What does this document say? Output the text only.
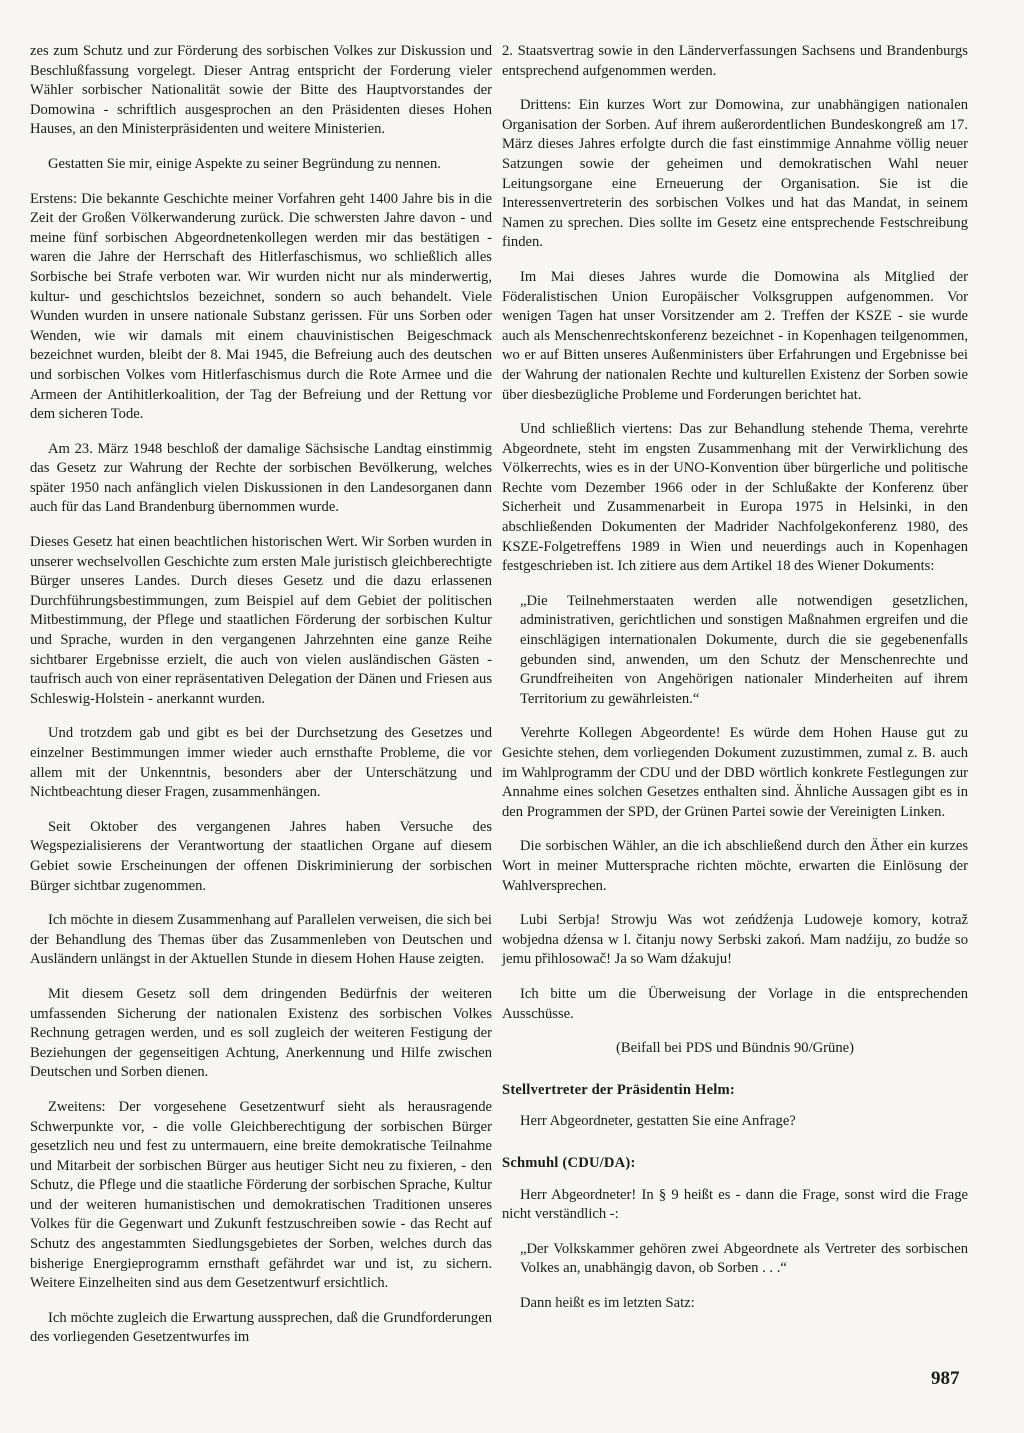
zes zum Schutz und zur Förderung des sorbischen Volkes zur Diskussion und Beschlußfassung vorgelegt. Dieser Antrag entspricht der Forderung vieler Wähler sorbischer Nationalität sowie der Bitte des Hauptvorstandes der Domowina - schriftlich ausgesprochen an den Präsidenten dieses Hohen Hauses, an den Ministerpräsidenten und weitere Ministerien.

Gestatten Sie mir, einige Aspekte zu seiner Begründung zu nennen.

Erstens: Die bekannte Geschichte meiner Vorfahren geht 1400 Jahre bis in die Zeit der Großen Völkerwanderung zurück. Die schwersten Jahre davon - und meine fünf sorbischen Abgeordnetenkollegen werden mir das bestätigen - waren die Jahre der Herrschaft des Hitlerfaschismus, wo schließlich alles Sorbische bei Strafe verboten war. Wir wurden nicht nur als minderwertig, kultur- und geschichtslos bezeichnet, sondern so auch behandelt. Viele Wunden wurden in unsere nationale Substanz gerissen. Für uns Sorben oder Wenden, wie wir damals mit einem chauvinistischen Beigeschmack bezeichnet wurden, bleibt der 8. Mai 1945, die Befreiung auch des deutschen und sorbischen Volkes vom Hitlerfaschismus durch die Rote Armee und die Armeen der Antihitlerkoalition, der Tag der Befreiung und der Rettung vor dem sicheren Tode.

Am 23. März 1948 beschloß der damalige Sächsische Landtag einstimmig das Gesetz zur Wahrung der Rechte der sorbischen Bevölkerung, welches später 1950 nach anfänglich vielen Diskussionen in den Landesorganen dann auch für das Land Brandenburg übernommen wurde.

Dieses Gesetz hat einen beachtlichen historischen Wert. Wir Sorben wurden in unserer wechselvollen Geschichte zum ersten Male juristisch gleichberechtigte Bürger unseres Landes. Durch dieses Gesetz und die dazu erlassenen Durchführungsbestimmungen, zum Beispiel auf dem Gebiet der politischen Mitbestimmung, der Pflege und staatlichen Förderung der sorbischen Kultur und Sprache, wurden in den vergangenen Jahrzehnten eine ganze Reihe sichtbarer Ergebnisse erzielt, die auch von vielen ausländischen Gästen - taufrisch auch von einer repräsentativen Delegation der Dänen und Friesen aus Schleswig-Holstein - anerkannt wurden.

Und trotzdem gab und gibt es bei der Durchsetzung des Gesetzes und einzelner Bestimmungen immer wieder auch ernsthafte Probleme, die vor allem mit der Unkenntnis, besonders aber der Unterschätzung und Nichtbeachtung dieser Fragen, zusammenhängen.

Seit Oktober des vergangenen Jahres haben Versuche des Wegspezialisierens der Verantwortung der staatlichen Organe auf diesem Gebiet sowie Erscheinungen der offenen Diskriminierung der sorbischen Bürger sichtbar zugenommen.

Ich möchte in diesem Zusammenhang auf Parallelen verweisen, die sich bei der Behandlung des Themas über das Zusammenleben von Deutschen und Ausländern unlängst in der Aktuellen Stunde in diesem Hohen Hause zeigten.

Mit diesem Gesetz soll dem dringenden Bedürfnis der weiteren umfassenden Sicherung der nationalen Existenz des sorbischen Volkes Rechnung getragen werden, und es soll zugleich der weiteren Festigung der Beziehungen der gegenseitigen Achtung, Anerkennung und Hilfe zwischen Deutschen und Sorben dienen.

Zweitens: Der vorgesehene Gesetzentwurf sieht als herausragende Schwerpunkte vor, - die volle Gleichberechtigung der sorbischen Bürger gesetzlich neu und fest zu untermauern, eine breite demokratische Teilnahme und Mitarbeit der sorbischen Bürger aus heutiger Sicht neu zu fixieren, - den Schutz, die Pflege und die staatliche Förderung der sorbischen Sprache, Kultur und der weiteren humanistischen und demokratischen Traditionen unseres Volkes für die Gegenwart und Zukunft festzuschreiben sowie - das Recht auf Schutz des angestammten Siedlungsgebietes der Sorben, welches durch das bisherige Energieprogramm ernsthaft gefährdet war und ist, zu sichern. Weitere Einzelheiten sind aus dem Gesetzentwurf ersichtlich.

Ich möchte zugleich die Erwartung aussprechen, daß die Grundforderungen des vorliegenden Gesetzentwurfes im

2. Staatsvertrag sowie in den Länderverfassungen Sachsens und Brandenburgs entsprechend aufgenommen werden.

Drittens: Ein kurzes Wort zur Domowina, zur unabhängigen nationalen Organisation der Sorben. Auf ihrem außerordentlichen Bundeskongreß am 17. März dieses Jahres erfolgte durch die fast einstimmige Annahme völlig neuer Satzungen sowie der geheimen und demokratischen Wahl neuer Leitungsorgane eine Erneuerung der Organisation. Sie ist die Interessenvertreterin des sorbischen Volkes und hat das Mandat, in seinem Namen zu sprechen. Dies sollte im Gesetz eine entsprechende Festschreibung finden.

Im Mai dieses Jahres wurde die Domowina als Mitglied der Föderalistischen Union Europäischer Volksgruppen aufgenommen. Vor wenigen Tagen hat unser Vorsitzender am 2. Treffen der KSZE - sie wurde auch als Menschenrechtskonferenz bezeichnet - in Kopenhagen teilgenommen, wo er auf Bitten unseres Außenministers über Erfahrungen und Ergebnisse bei der Wahrung der nationalen Rechte und kulturellen Existenz der Sorben sowie über diesbezügliche Probleme und Forderungen berichtet hat.

Und schließlich viertens: Das zur Behandlung stehende Thema, verehrte Abgeordnete, steht im engsten Zusammenhang mit der Verwirklichung des Völkerrechts, wies es in der UNO-Konvention über bürgerliche und politische Rechte vom Dezember 1966 oder in der Schlußakte der Konferenz über Sicherheit und Zusammenarbeit in Europa 1975 in Helsinki, in den abschließenden Dokumenten der Madrider Nachfolgekonferenz 1980, des KSZE-Folgetreffens 1989 in Wien und neuerdings auch in Kopenhagen festgeschrieben ist. Ich zitiere aus dem Artikel 18 des Wiener Dokuments:

„Die Teilnehmerstaaten werden alle notwendigen gesetzlichen, administrativen, gerichtlichen und sonstigen Maßnahmen ergreifen und die einschlägigen internationalen Dokumente, durch die sie gegebenenfalls gebunden sind, anwenden, um den Schutz der Menschenrechte und Grundfreiheiten von Angehörigen nationaler Minderheiten auf ihrem Territorium zu gewährleisten.“

Verehrte Kollegen Abgeordente! Es würde dem Hohen Hause gut zu Gesichte stehen, dem vorliegenden Dokument zuzustimmen, zumal z. B. auch im Wahlprogramm der CDU und der DBD wörtlich konkrete Festlegungen zur Annahme eines solchen Gesetzes enthalten sind. Ähnliche Aussagen gibt es in den Programmen der SPD, der Grünen Partei sowie der Vereinigten Linken.

Die sorbischen Wähler, an die ich abschließend durch den Äther ein kurzes Wort in meiner Muttersprache richten möchte, erwarten die Einlösung der Wahlversprechen.

Lubi Serbja! Strowju Was wot zeńdźenja Ludoweje komory, kotraž wobjedna dźensa w l. čitanju nowy Serbski zakoń. Mam nadźiju, zo budźe so jemu přihlosowač! Ja so Wam dźakuju!

Ich bitte um die Überweisung der Vorlage in die entsprechenden Ausschüsse.

(Beifall bei PDS und Bündnis 90/Grüne)

Stellvertreter der Präsidentin Helm:

Herr Abgeordneter, gestatten Sie eine Anfrage?

Schmuhl (CDU/DA):

Herr Abgeordneter! In § 9 heißt es - dann die Frage, sonst wird die Frage nicht verständlich -:

„Der Volkskammer gehören zwei Abgeordnete als Vertreter des sorbischen Volkes an, unabhängig davon, ob Sorben . . .“

Dann heißt es im letzten Satz:

987
